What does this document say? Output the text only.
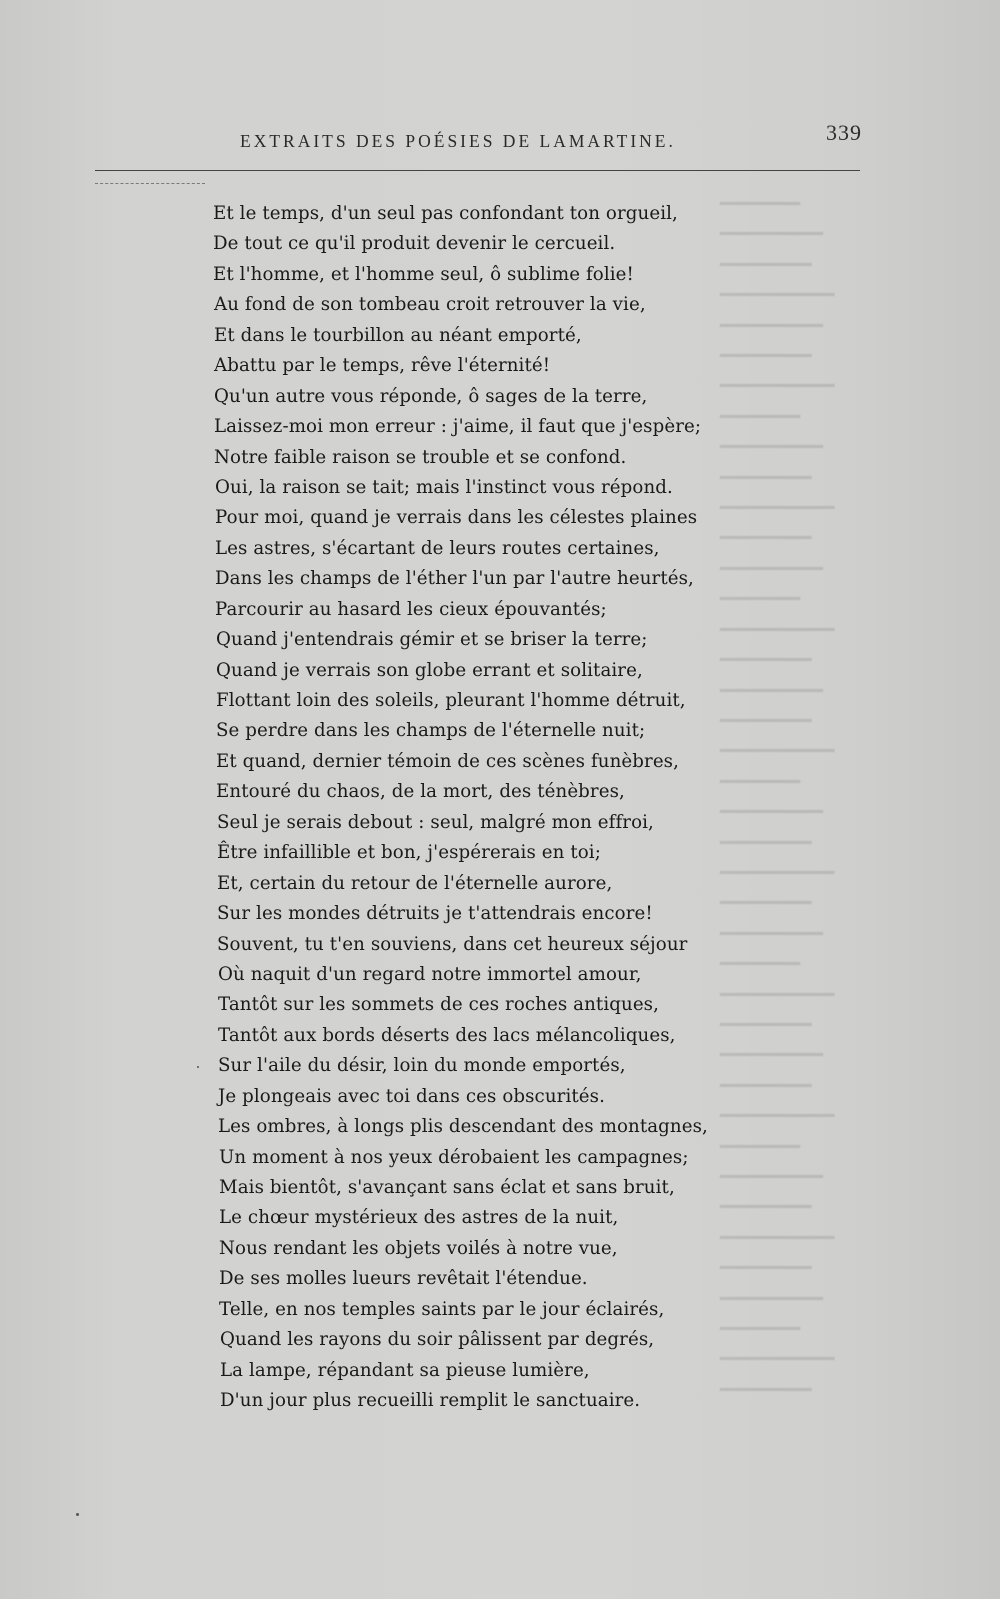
EXTRAITS DES POÉSIES DE LAMARTINE.	339
━━━━━━━
━━━━━━━━━
━━━━━━━━
━━━━━━━━━━
━━━━━━━━━
━━━━━━━━
━━━━━━━━━━
━━━━━━━
━━━━━━━━━
━━━━━━━━
━━━━━━━━━━
━━━━━━━━
━━━━━━━━━
━━━━━━━
━━━━━━━━━━
━━━━━━━━
━━━━━━━━━
━━━━━━━━
━━━━━━━━━━
━━━━━━━
━━━━━━━━━
━━━━━━━━
━━━━━━━━━━
━━━━━━━━
━━━━━━━━━
━━━━━━━
━━━━━━━━━━
━━━━━━━━
━━━━━━━━━
━━━━━━━━
━━━━━━━━━━
━━━━━━━
━━━━━━━━━
━━━━━━━━
━━━━━━━━━━
━━━━━━━━
━━━━━━━━━
━━━━━━━
━━━━━━━━━━
━━━━━━━━
Et le temps, d'un seul pas confondant ton orgueil,
De tout ce qu'il produit devenir le cercueil.
Et l'homme, et l'homme seul, ô sublime folie!
Au fond de son tombeau croit retrouver la vie,
Et dans le tourbillon au néant emporté,
Abattu par le temps, rêve l'éternité!
Qu'un autre vous réponde, ô sages de la terre,
Laissez-moi mon erreur : j'aime, il faut que j'espère;
Notre faible raison se trouble et se confond.
Oui, la raison se tait; mais l'instinct vous répond.
Pour moi, quand je verrais dans les célestes plaines
Les astres, s'écartant de leurs routes certaines,
Dans les champs de l'éther l'un par l'autre heurtés,
Parcourir au hasard les cieux épouvantés;
Quand j'entendrais gémir et se briser la terre;
Quand je verrais son globe errant et solitaire,
Flottant loin des soleils, pleurant l'homme détruit,
Se perdre dans les champs de l'éternelle nuit;
Et quand, dernier témoin de ces scènes funèbres,
Entouré du chaos, de la mort, des ténèbres,
Seul je serais debout : seul, malgré mon effroi,
Être infaillible et bon, j'espérerais en toi;
Et, certain du retour de l'éternelle aurore,
Sur les mondes détruits je t'attendrais encore!
Souvent, tu t'en souviens, dans cet heureux séjour
Où naquit d'un regard notre immortel amour,
Tantôt sur les sommets de ces roches antiques,
Tantôt aux bords déserts des lacs mélancoliques,
Sur l'aile du désir, loin du monde emportés,
Je plongeais avec toi dans ces obscurités.
Les ombres, à longs plis descendant des montagnes,
Un moment à nos yeux dérobaient les campagnes;
Mais bientôt, s'avançant sans éclat et sans bruit,
Le chœur mystérieux des astres de la nuit,
Nous rendant les objets voilés à notre vue,
De ses molles lueurs revêtait l'étendue.
Telle, en nos temples saints par le jour éclairés,
Quand les rayons du soir pâlissent par degrés,
La lampe, répandant sa pieuse lumière,
D'un jour plus recueilli remplit le sanctuaire.
